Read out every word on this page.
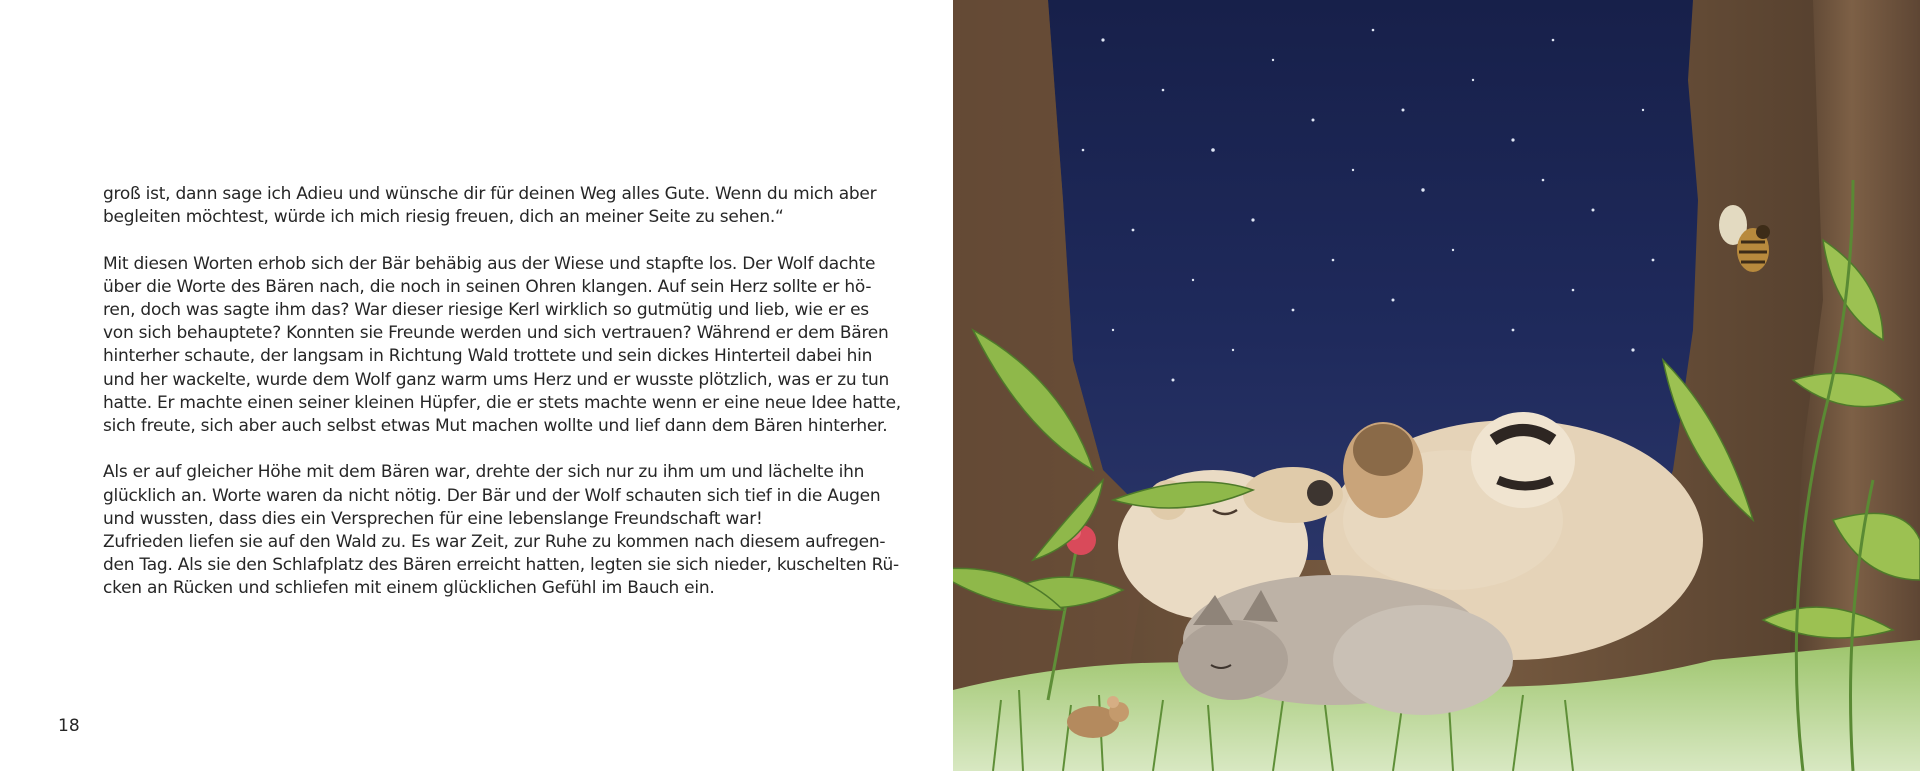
groß ist, dann sage ich Adieu und wünsche dir für deinen Weg alles Gute. Wenn du mich aber
begleiten möchtest, würde ich mich riesig freuen, dich an meiner Seite zu sehen.“

Mit diesen Worten erhob sich der Bär behäbig aus der Wiese und stapfte los. Der Wolf dachte
über die Worte des Bären nach, die noch in seinen Ohren klangen. Auf sein Herz sollte er hö-
ren, doch was sagte ihm das? War dieser riesige Kerl wirklich so gutmütig und lieb, wie er es
von sich behauptete? Konnten sie Freunde werden und sich vertrauen? Während er dem Bären
hinterher schaute, der langsam in Richtung Wald trottete und sein dickes Hinterteil dabei hin
und her wackelte, wurde dem Wolf ganz warm ums Herz und er wusste plötzlich, was er zu tun
hatte. Er machte einen seiner kleinen Hüpfer, die er stets machte wenn er eine neue Idee hatte,
sich freute, sich aber auch selbst etwas Mut machen wollte und lief dann dem Bären hinterher.

Als er auf gleicher Höhe mit dem Bären war, drehte der sich nur zu ihm um und lächelte ihn
glücklich an. Worte waren da nicht nötig. Der Bär und der Wolf schauten sich tief in die Augen
und wussten, dass dies ein Versprechen für eine lebenslange Freundschaft war!
Zufrieden liefen sie auf den Wald zu. Es war Zeit, zur Ruhe zu kommen nach diesem aufregen-
den Tag. Als sie den Schlafplatz des Bären erreicht hatten, legten sie sich nieder, kuschelten Rü-
cken an Rücken und schliefen mit einem glücklichen Gefühl im Bauch ein.

18
